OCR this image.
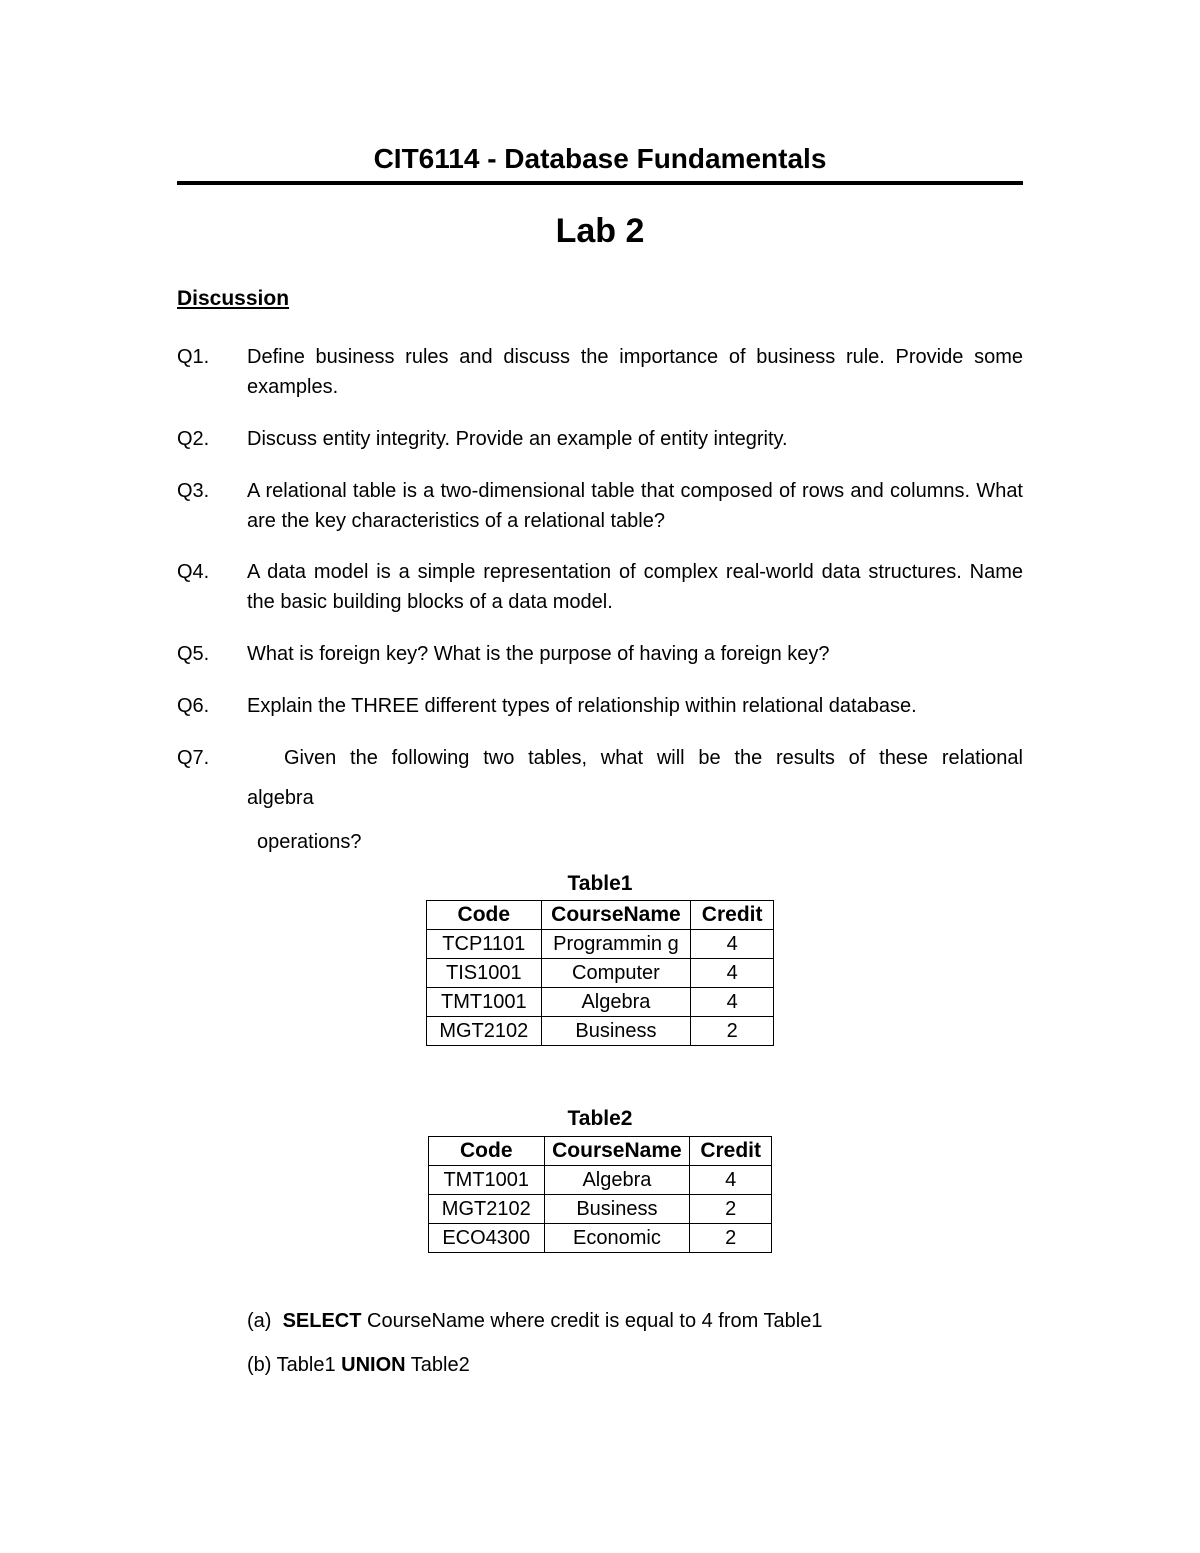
CIT6114 - Database Fundamentals
Lab 2
Discussion
Q1. Define business rules and discuss the importance of business rule. Provide some examples.
Q2. Discuss entity integrity. Provide an example of entity integrity.
Q3. A relational table is a two-dimensional table that composed of rows and columns. What are the key characteristics of a relational table?
Q4. A data model is a simple representation of complex real-world data structures. Name the basic building blocks of a data model.
Q5. What is foreign key? What is the purpose of having a foreign key?
Q6. Explain the THREE different types of relationship within relational database.
Q7.	Given the following two tables, what will be the results of these relational
algebra
operations?
Table1
Code	CourseName	Credit
TCP1101	Programmin g	4
TIS1001	Computer	4
TMT1001	Algebra	4
MGT2102	Business	2
Table2
Code	CourseName	Credit
TMT1001	Algebra	4
MGT2102	Business	2
ECO4300	Economic	2
(a)  SELECT CourseName where credit is equal to 4 from Table1
(b) Table1 UNION Table2
